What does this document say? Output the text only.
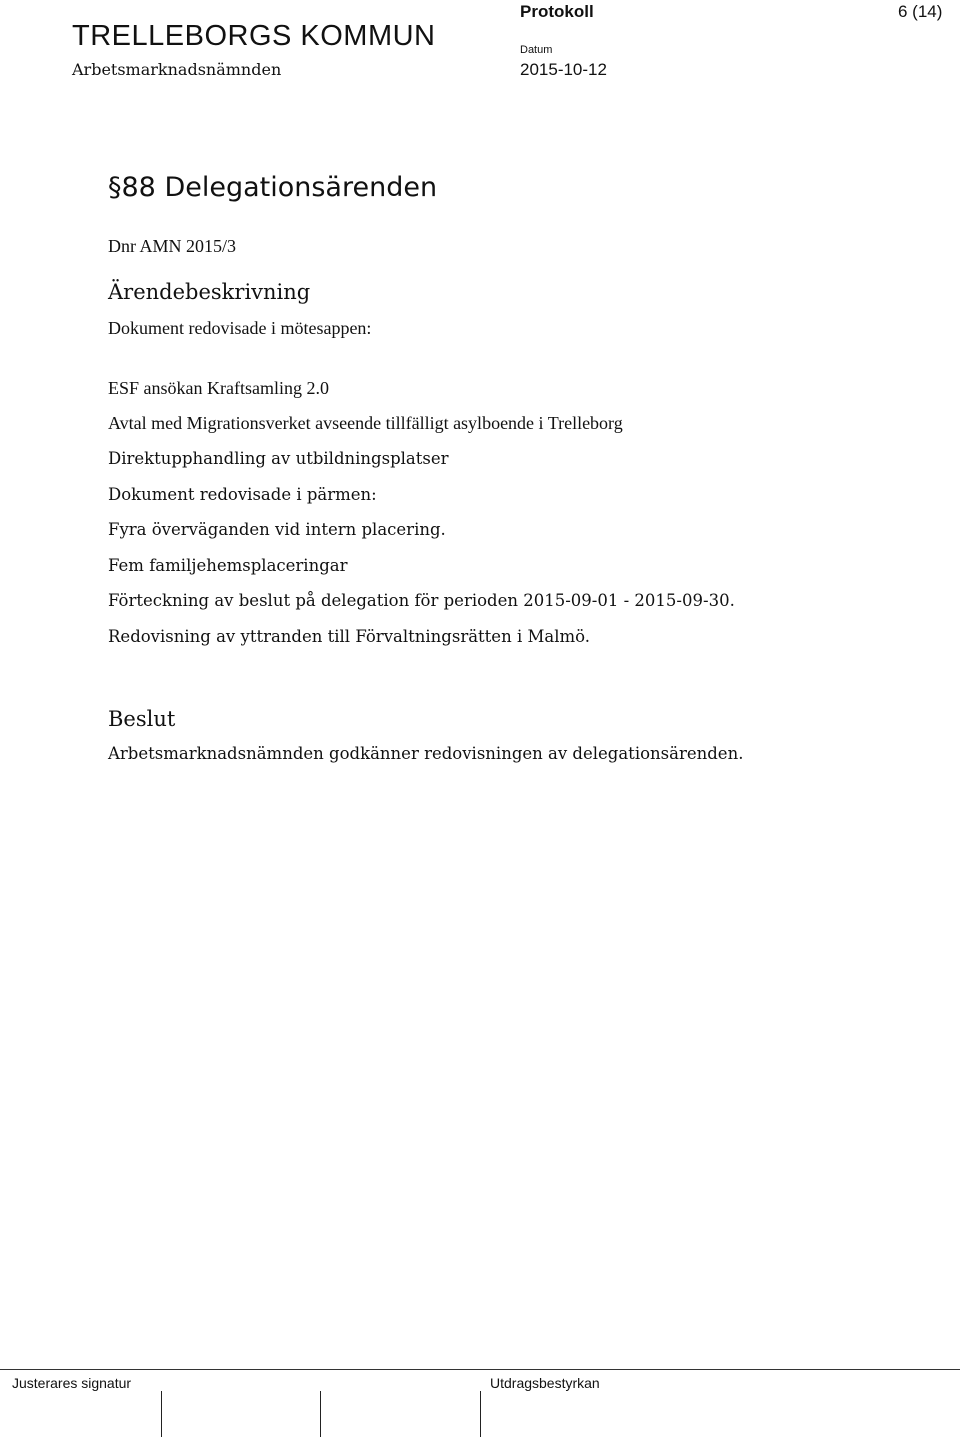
TRELLEBORGS KOMMUN
Arbetsmarknadsnämnden
Protokoll	6 (14)
Datum
2015-10-12
§88 Delegationsärenden
Dnr AMN 2015/3
Ärendebeskrivning
Dokument redovisade i mötesappen:
ESF ansökan Kraftsamling 2.0
Avtal med Migrationsverket avseende tillfälligt asylboende i Trelleborg
Direktupphandling av utbildningsplatser
Dokument redovisade i pärmen:
Fyra överväganden vid intern placering.
Fem familjehemsplaceringar
Förteckning av beslut på delegation för perioden 2015-09-01 - 2015-09-30.
Redovisning av yttranden till Förvaltningsrätten i Malmö.
Beslut
Arbetsmarknadsnämnden godkänner redovisningen av delegationsärenden.
Justerares signatur	Utdragsbestyrkan
